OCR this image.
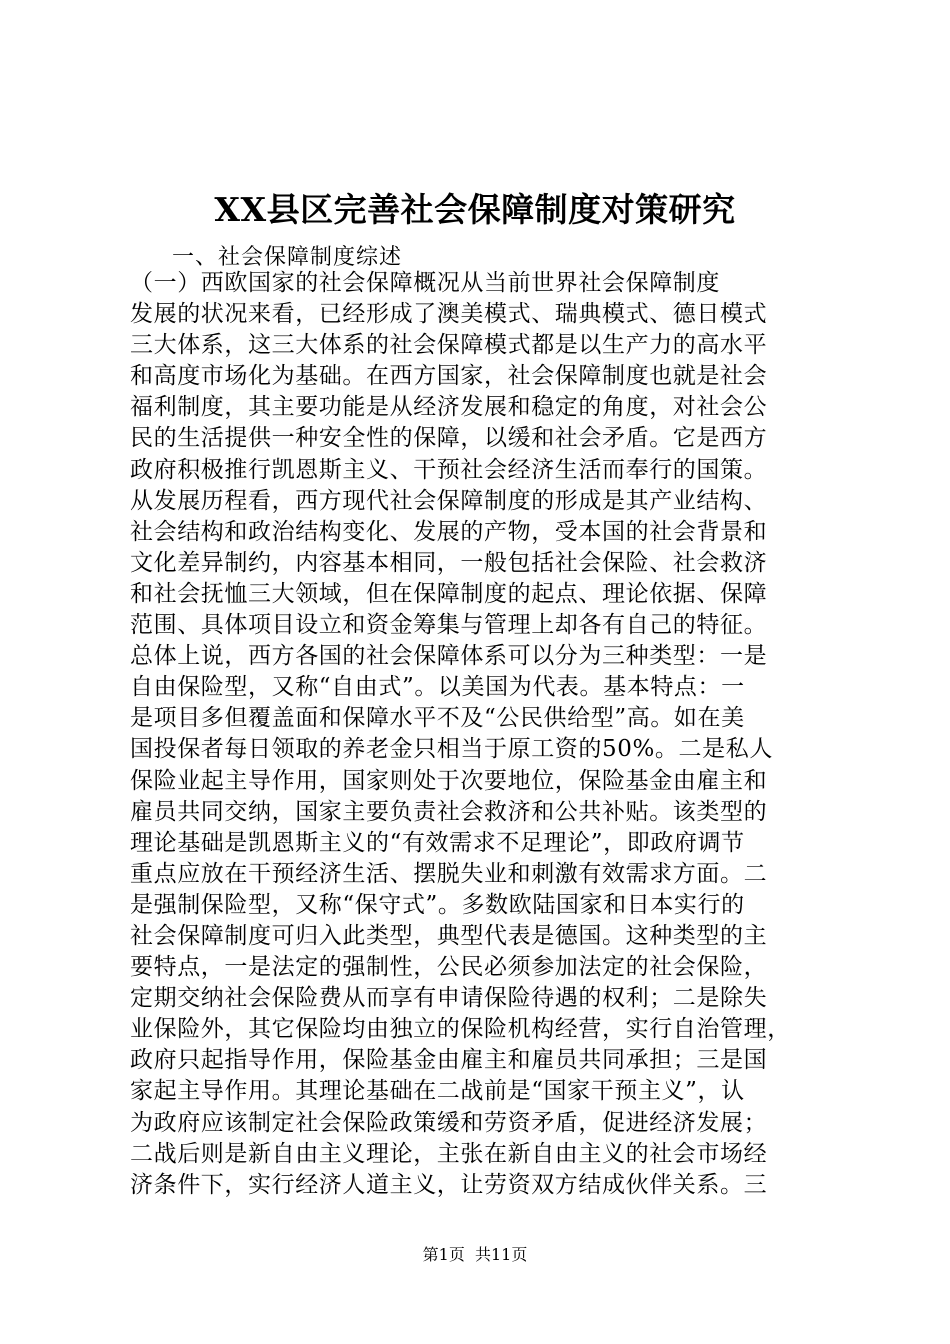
XX县区完善社会保障制度对策研究
一、社会保障制度综述
（一）西欧国家的社会保障概况从当前世界社会保障制度
发展的状况来看，已经形成了澳美模式、瑞典模式、德日模式
三大体系，这三大体系的社会保障模式都是以生产力的高水平
和高度市场化为基础。在西方国家，社会保障制度也就是社会
福利制度，其主要功能是从经济发展和稳定的角度，对社会公
民的生活提供一种安全性的保障，以缓和社会矛盾。它是西方
政府积极推行凯恩斯主义、干预社会经济生活而奉行的国策。
从发展历程看，西方现代社会保障制度的形成是其产业结构、
社会结构和政治结构变化、发展的产物，受本国的社会背景和
文化差异制约，内容基本相同，一般包括社会保险、社会救济
和社会抚恤三大领域，但在保障制度的起点、理论依据、保障
范围、具体项目设立和资金筹集与管理上却各有自己的特征。
总体上说，西方各国的社会保障体系可以分为三种类型：一是
自由保险型，又称“自由式”。以美国为代表。基本特点：一
是项目多但覆盖面和保障水平不及“公民供给型”高。如在美
国投保者每日领取的养老金只相当于原工资的50%。二是私人
保险业起主导作用，国家则处于次要地位，保险基金由雇主和
雇员共同交纳，国家主要负责社会救济和公共补贴。该类型的
理论基础是凯恩斯主义的“有效需求不足理论”，即政府调节
重点应放在干预经济生活、摆脱失业和刺激有效需求方面。二
是强制保险型，又称“保守式”。多数欧陆国家和日本实行的
社会保障制度可归入此类型，典型代表是德国。这种类型的主
要特点，一是法定的强制性，公民必须参加法定的社会保险，
定期交纳社会保险费从而享有申请保险待遇的权利；二是除失
业保险外，其它保险均由独立的保险机构经营，实行自治管理，
政府只起指导作用，保险基金由雇主和雇员共同承担；三是国
家起主导作用。其理论基础在二战前是“国家干预主义”，认
为政府应该制定社会保险政策缓和劳资矛盾，促进经济发展；
二战后则是新自由主义理论，主张在新自由主义的社会市场经
济条件下，实行经济人道主义，让劳资双方结成伙伴关系。三
第1页  共11页
